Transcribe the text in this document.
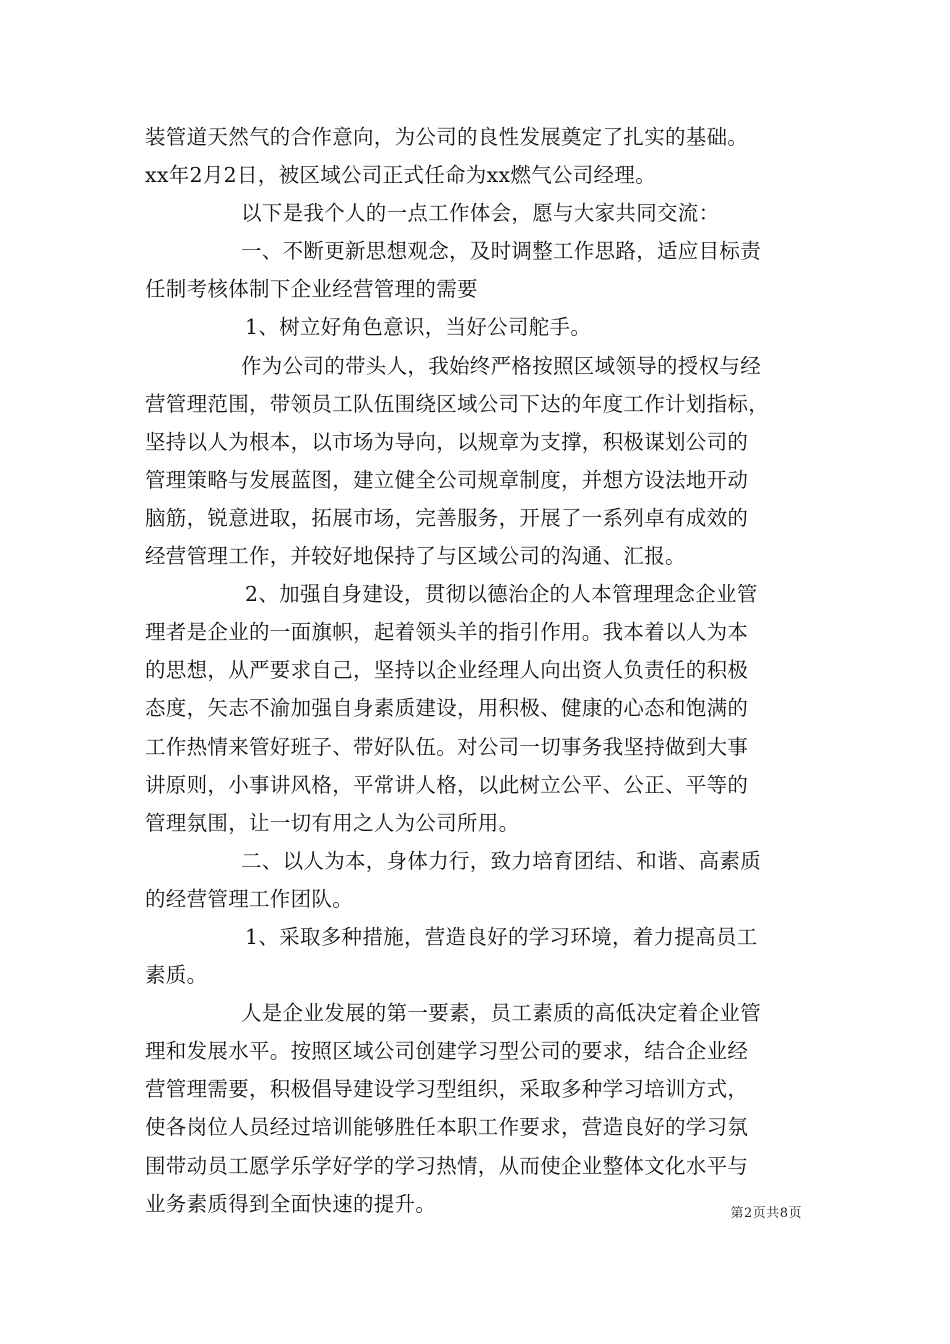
装管道天然气的合作意向，为公司的良性发展奠定了扎实的基础。
xx年2月2日，被区域公司正式任命为xx燃气公司经理。
以下是我个人的一点工作体会，愿与大家共同交流：
一、不断更新思想观念，及时调整工作思路，适应目标责
任制考核体制下企业经营管理的需要
1、树立好角色意识，当好公司舵手。
作为公司的带头人，我始终严格按照区域领导的授权与经
营管理范围，带领员工队伍围绕区域公司下达的年度工作计划指标，
坚持以人为根本，以市场为导向，以规章为支撑，积极谋划公司的
管理策略与发展蓝图，建立健全公司规章制度，并想方设法地开动
脑筋，锐意进取，拓展市场，完善服务，开展了一系列卓有成效的
经营管理工作，并较好地保持了与区域公司的沟通、汇报。
2、加强自身建设，贯彻以德治企的人本管理理念企业管
理者是企业的一面旗帜，起着领头羊的指引作用。我本着以人为本
的思想，从严要求自己，坚持以企业经理人向出资人负责任的积极
态度，矢志不渝加强自身素质建设，用积极、健康的心态和饱满的
工作热情来管好班子、带好队伍。对公司一切事务我坚持做到大事
讲原则，小事讲风格，平常讲人格，以此树立公平、公正、平等的
管理氛围，让一切有用之人为公司所用。
二、以人为本，身体力行，致力培育团结、和谐、高素质
的经营管理工作团队。
1、采取多种措施，营造良好的学习环境，着力提高员工
素质。
人是企业发展的第一要素，员工素质的高低决定着企业管
理和发展水平。按照区域公司创建学习型公司的要求，结合企业经
营管理需要，积极倡导建设学习型组织，采取多种学习培训方式，
使各岗位人员经过培训能够胜任本职工作要求，营造良好的学习氛
围带动员工愿学乐学好学的学习热情，从而使企业整体文化水平与
业务素质得到全面快速的提升。	第2页共8页
